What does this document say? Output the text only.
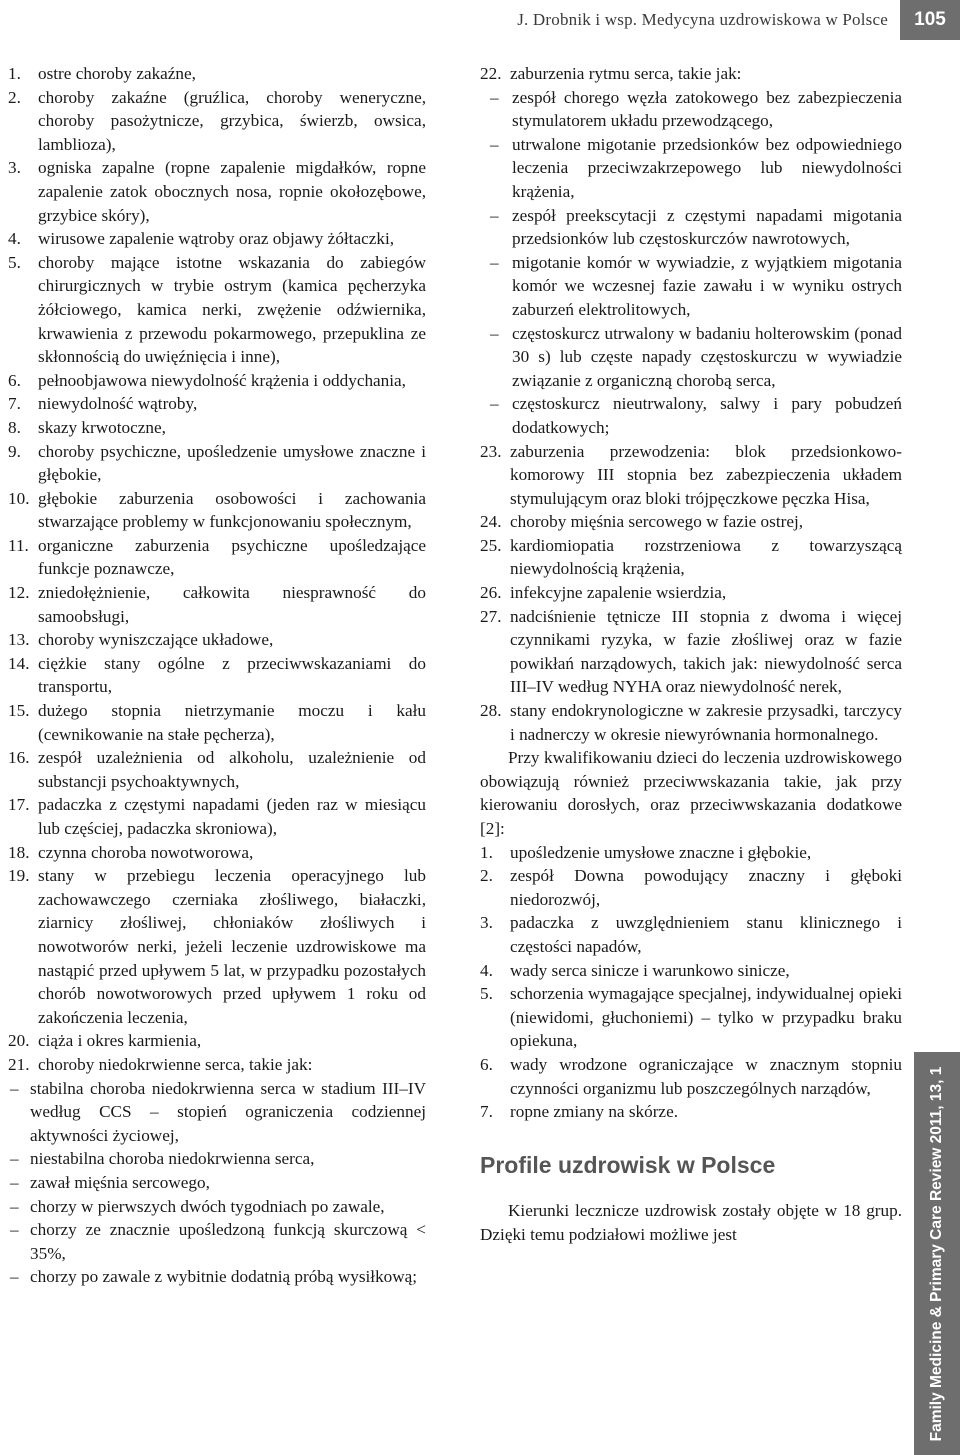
J. Drobnik i wsp. Medycyna uzdrowiskowa w Polsce	105
1. ostre choroby zakaźne,
2. choroby zakaźne (gruźlica, choroby weneryczne, choroby pasożytnicze, grzybica, świerzb, owsica, lamblioza),
3. ogniska zapalne (ropne zapalenie migdałków, ropne zapalenie zatok obocznych nosa, ropnie okołozębowe, grzybice skóry),
4. wirusowe zapalenie wątroby oraz objawy żółtaczki,
5. choroby mające istotne wskazania do zabiegów chirurgicznych w trybie ostrym (kamica pęcherzyka żółciowego, kamica nerki, zwężenie odźwiernika, krwawienia z przewodu pokarmowego, przepuklina ze skłonnością do uwięźnięcia i inne),
6. pełnoobjawowa niewydolność krążenia i oddychania,
7. niewydolność wątroby,
8. skazy krwotoczne,
9. choroby psychiczne, upośledzenie umysłowe znaczne i głębokie,
10. głębokie zaburzenia osobowości i zachowania stwarzające problemy w funkcjonowaniu społecznym,
11. organiczne zaburzenia psychiczne upośledzające funkcje poznawcze,
12. zniedołężnienie, całkowita niesprawność do samoobsługi,
13. choroby wyniszczające układowe,
14. ciężkie stany ogólne z przeciwwskazaniami do transportu,
15. dużego stopnia nietrzymanie moczu i kału (cewnikowanie na stałe pęcherza),
16. zespół uzależnienia od alkoholu, uzależnienie od substancji psychoaktywnych,
17. padaczka z częstymi napadami (jeden raz w miesiącu lub częściej, padaczka skroniowa),
18. czynna choroba nowotworowa,
19. stany w przebiegu leczenia operacyjnego lub zachowawczego czerniaka złośliwego, białaczki, ziarnicy złośliwej, chłoniaków złośliwych i nowotworów nerki, jeżeli leczenie uzdrowiskowe ma nastąpić przed upływem 5 lat, w przypadku pozostałych chorób nowotworowych przed upływem 1 roku od zakończenia leczenia,
20. ciąża i okres karmienia,
21. choroby niedokrwienne serca, takie jak:
– stabilna choroba niedokrwienna serca w stadium III–IV według CCS – stopień ograniczenia codziennej aktywności życiowej,
– niestabilna choroba niedokrwienna serca,
– zawał mięśnia sercowego,
– chorzy w pierwszych dwóch tygodniach po zawale,
– chorzy ze znacznie upośledzoną funkcją skurczową < 35%,
– chorzy po zawale z wybitnie dodatnią próbą wysiłkową;
22. zaburzenia rytmu serca, takie jak:
– zespół chorego węzła zatokowego bez zabezpieczenia stymulatorem układu przewodzącego,
– utrwalone migotanie przedsionków bez odpowiedniego leczenia przeciwzakrzepowego lub niewydolności krążenia,
– zespół preekscytacji z częstymi napadami migotania przedsionków lub częstoskurczów nawrotowych,
– migotanie komór w wywiadzie, z wyjątkiem migotania komór we wczesnej fazie zawału i w wyniku ostrych zaburzeń elektrolitowych,
– częstoskurcz utrwalony w badaniu holterowskim (ponad 30 s) lub częste napady częstoskurczu w wywiadzie związanie z organiczną chorobą serca,
– częstoskurcz nieutrwalony, salwy i pary pobudzeń dodatkowych;
23. zaburzenia przewodzenia: blok przedsionkowo-komorowy III stopnia bez zabezpieczenia układem stymulującym oraz bloki trójpęczkowe pęczka Hisa,
24. choroby mięśnia sercowego w fazie ostrej,
25. kardiomiopatia rozstrzeniowa z towarzyszącą niewydolnością krążenia,
26. infekcyjne zapalenie wsierdzia,
27. nadciśnienie tętnicze III stopnia z dwoma i więcej czynnikami ryzyka, w fazie złośliwej oraz w fazie powikłań narządowych, takich jak: niewydolność serca III–IV według NYHA oraz niewydolność nerek,
28. stany endokrynologiczne w zakresie przysadki, tarczycy i nadnerczy w okresie niewyrównania hormonalnego.

Przy kwalifikowaniu dzieci do leczenia uzdrowiskowego obowiązują również przeciwwskazania takie, jak przy kierowaniu dorosłych, oraz przeciwwskazania dodatkowe [2]:

1. upośledzenie umysłowe znaczne i głębokie,
2. zespół Downa powodujący znaczny i głęboki niedorozwój,
3. padaczka z uwzględnieniem stanu klinicznego i częstości napadów,
4. wady serca sinicze i warunkowo sinicze,
5. schorzenia wymagające specjalnej, indywidualnej opieki (niewidomi, głuchoniemi) – tylko w przypadku braku opiekuna,
6. wady wrodzone ograniczające w znacznym stopniu czynności organizmu lub poszczególnych narządów,
7. ropne zmiany na skórze.
Profile uzdrowisk w Polsce

Kierunki lecznicze uzdrowisk zostały objęte w 18 grup. Dzięki temu podziałowi możliwe jest	Family Medicine & Primary Care Review 2011, 13, 1
